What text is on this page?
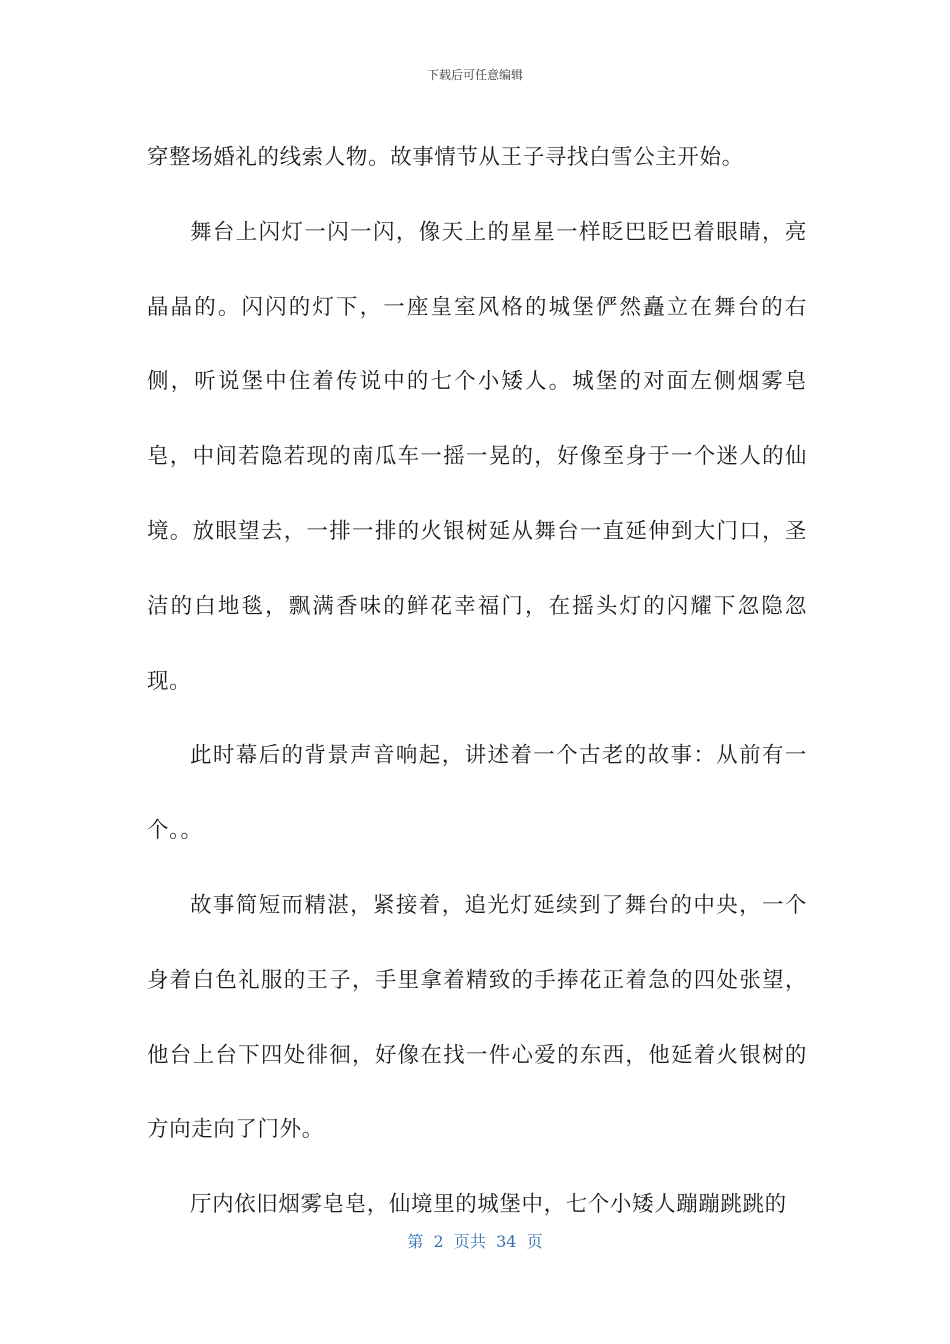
下载后可任意编辑

穿整场婚礼的线索人物。故事情节从王子寻找白雪公主开始。

舞台上闪灯一闪一闪，像天上的星星一样眨巴眨巴着眼睛，亮晶晶的。闪闪的灯下，一座皇室风格的城堡俨然矗立在舞台的右侧，听说堡中住着传说中的七个小矮人。城堡的对面左侧烟雾皂皂，中间若隐若现的南瓜车一摇一晃的，好像至身于一个迷人的仙境。放眼望去，一排一排的火银树延从舞台一直延伸到大门口，圣洁的白地毯，飘满香味的鲜花幸福门，在摇头灯的闪耀下忽隐忽现。

此时幕后的背景声音响起，讲述着一个古老的故事：从前有一个。。

故事简短而精湛，紧接着，追光灯延续到了舞台的中央，一个身着白色礼服的王子，手里拿着精致的手捧花正着急的四处张望，他台上台下四处徘徊，好像在找一件心爱的东西，他延着火银树的方向走向了门外。

厅内依旧烟雾皂皂，仙境里的城堡中，七个小矮人蹦蹦跳跳的

第  2  页共  34  页
